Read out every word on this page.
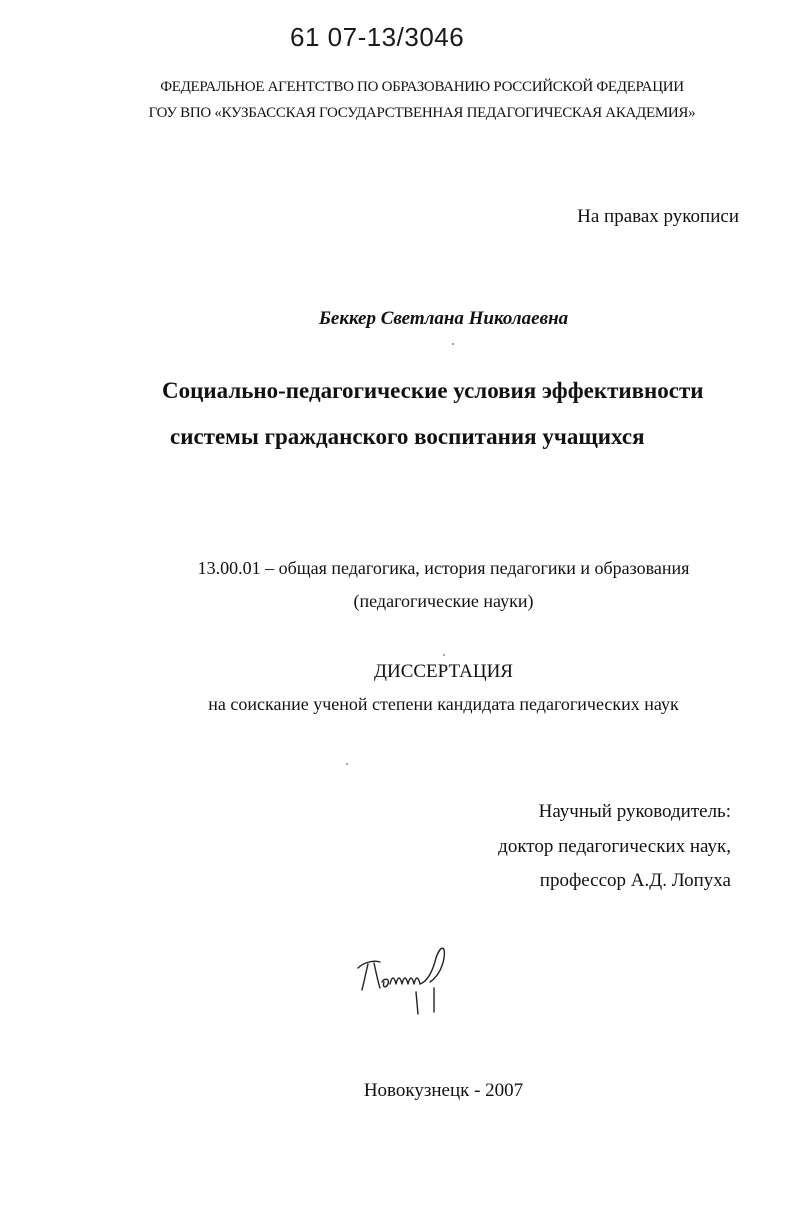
61 07-13/3046
ФЕДЕРАЛЬНОЕ АГЕНТСТВО ПО ОБРАЗОВАНИЮ РОССИЙСКОЙ ФЕДЕРАЦИИ
ГОУ ВПО «КУЗБАССКАЯ ГОСУДАРСТВЕННАЯ ПЕДАГОГИЧЕСКАЯ АКАДЕМИЯ»
На правах рукописи
Беккер Светлана Николаевна
Социально-педагогические условия эффективности
системы гражданского воспитания учащихся
13.00.01 – общая педагогика, история педагогики и образования
(педагогические науки)
ДИССЕРТАЦИЯ
на соискание ученой степени кандидата педагогических наук
Научный руководитель:
доктор педагогических наук,
профессор А.Д. Лопуха
Новокузнецк - 2007
